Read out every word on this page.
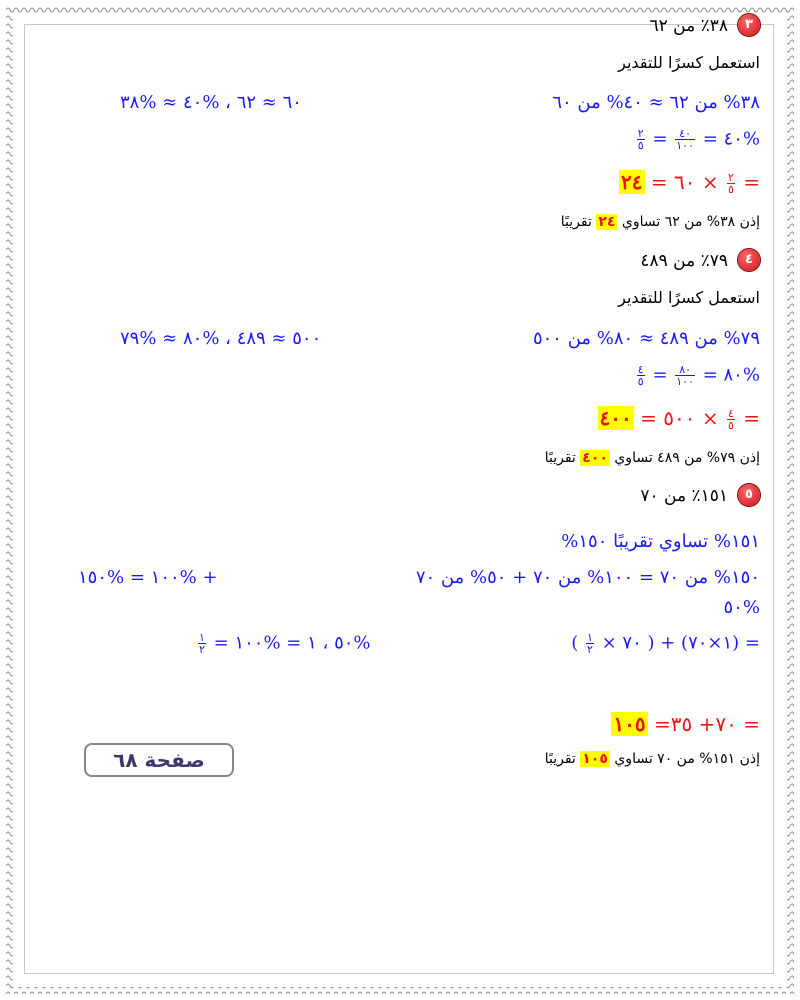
٣
٣٨٪ من ٦٢
استعمل كسرًا للتقدير
٣٨% من ٦٢ ≈ ٤٠% من ٦٠
٦٠ ≈ ٦٢ ، %٤٠ ≈ %٣٨
%٤٠ =
$\frac{٤٠}{١٠٠}$
=
$\frac{٢}{٥}$
=
$\frac{٢}{٥}$
× ٦٠ = ٢٤
إذن ٣٨% من ٦٢ تساوي ٢٤ تقريبًا
٤
٧٩٪ من ٤٨٩
استعمل كسرًا للتقدير
٧٩% من ٤٨٩ ≈ ٨٠% من ٥٠٠
٥٠٠ ≈ ٤٨٩ ، %٨٠ ≈ %٧٩
%٨٠ =
$\frac{٨٠}{١٠٠}$
=
$\frac{٤}{٥}$
=
$\frac{٤}{٥}$
× ٥٠٠ = ٤٠٠
إذن ٧٩% من ٤٨٩ تساوي ٤٠٠ تقريبًا
٥
١٥١٪ من ٧٠
١٥١% تساوي تقريبًا ١٥٠%
١٥٠% من ٧٠ = ١٠٠% من ٧٠ + ٥٠% من ٧٠
+ %١٠٠ = %١٥٠
%٥٠
= (١×٧٠) + ( ٧٠ ×
$\frac{١}{٢}$
)
%٥٠ ، ١ = %١٠٠ =
$\frac{١}{٢}$
= ٧٠+ ٣٥= ١٠٥
إذن ١٥١% من ٧٠ تساوي ١٠٥ تقريبًا
صفحة ٦٨
